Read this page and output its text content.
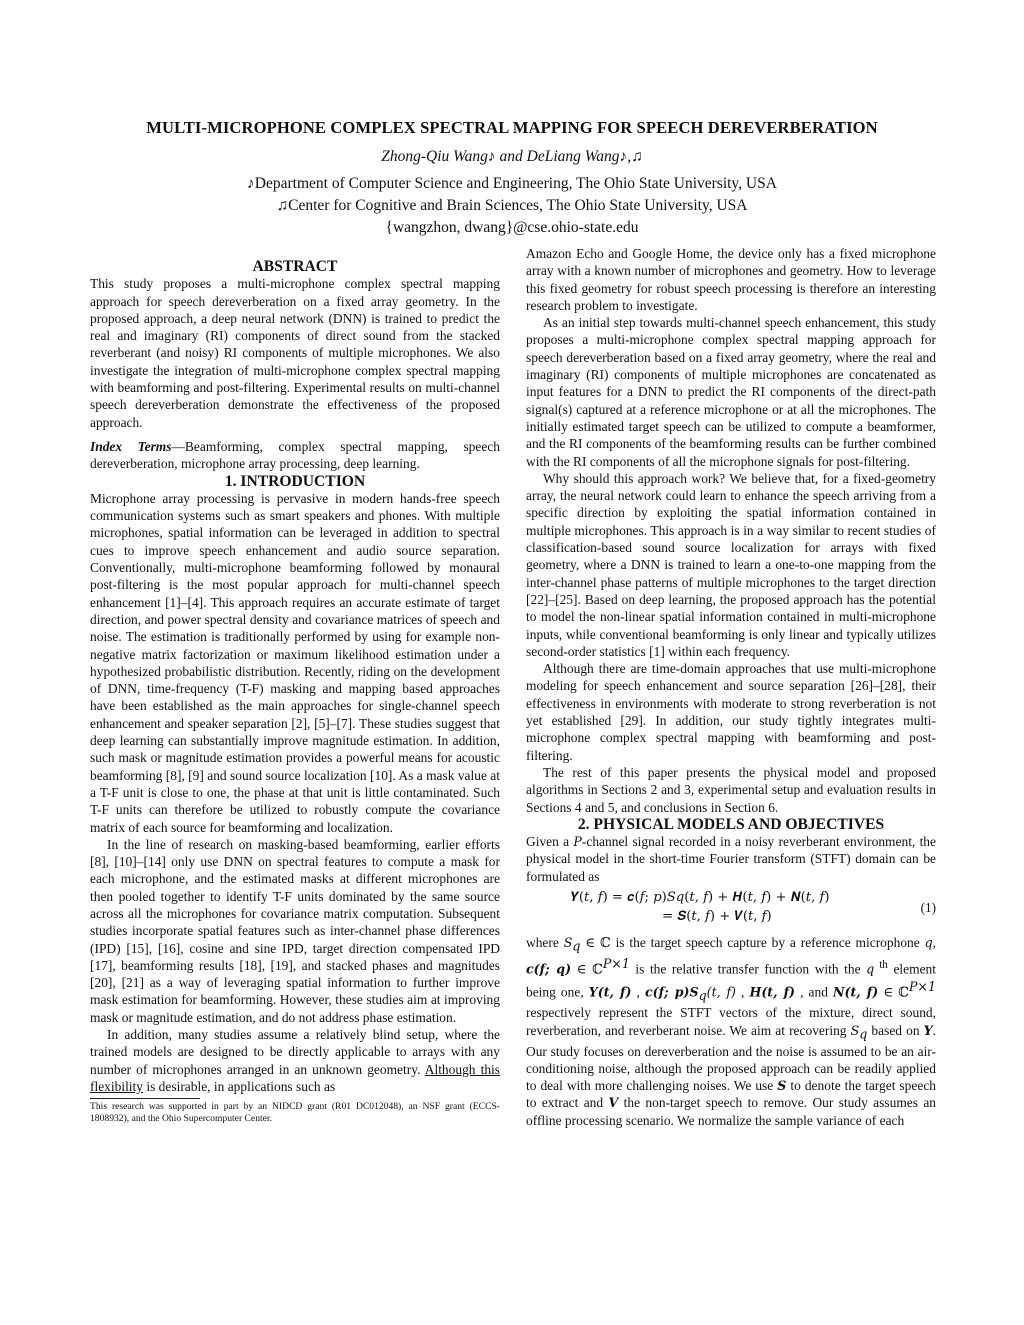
MULTI-MICROPHONE COMPLEX SPECTRAL MAPPING FOR SPEECH DEREVERBERATION
Zhong-Qiu Wang♪ and DeLiang Wang♪,♫
♪Department of Computer Science and Engineering, The Ohio State University, USA
♫Center for Cognitive and Brain Sciences, The Ohio State University, USA
{wangzhon, dwang}@cse.ohio-state.edu

ABSTRACT

This study proposes a multi-microphone complex spectral mapping approach for speech dereverberation on a fixed array geometry. In the proposed approach, a deep neural network (DNN) is trained to predict the real and imaginary (RI) components of direct sound from the stacked reverberant (and noisy) RI components of multiple microphones. We also investigate the integration of multi-microphone complex spectral mapping with beamforming and post-filtering. Experimental results on multi-channel speech dereverberation demonstrate the effectiveness of the proposed approach.

Index Terms—Beamforming, complex spectral mapping, speech dereverberation, microphone array processing, deep learning.

1. INTRODUCTION

Microphone array processing is pervasive in modern hands-free speech communication systems such as smart speakers and phones. With multiple microphones, spatial information can be leveraged in addition to spectral cues to improve speech enhancement and audio source separation. Conventionally, multi-microphone beamforming followed by monaural post-filtering is the most popular approach for multi-channel speech enhancement [1]–[4]. This approach requires an accurate estimate of target direction, and power spectral density and covariance matrices of speech and noise. The estimation is traditionally performed by using for example non-negative matrix factorization or maximum likelihood estimation under a hypothesized probabilistic distribution. Recently, riding on the development of DNN, time-frequency (T-F) masking and mapping based approaches have been established as the main approaches for single-channel speech enhancement and speaker separation [2], [5]–[7]. These studies suggest that deep learning can substantially improve magnitude estimation. In addition, such mask or magnitude estimation provides a powerful means for acoustic beamforming [8], [9] and sound source localization [10]. As a mask value at a T-F unit is close to one, the phase at that unit is little contaminated. Such T-F units can therefore be utilized to robustly compute the covariance matrix of each source for beamforming and localization.

In the line of research on masking-based beamforming, earlier efforts [8], [10]–[14] only use DNN on spectral features to compute a mask for each microphone, and the estimated masks at different microphones are then pooled together to identify T-F units dominated by the same source across all the microphones for covariance matrix computation. Subsequent studies incorporate spatial features such as inter-channel phase differences (IPD) [15], [16], cosine and sine IPD, target direction compensated IPD [17], beamforming results [18], [19], and stacked phases and magnitudes [20], [21] as a way of leveraging spatial information to further improve mask estimation for beamforming. However, these studies aim at improving mask or magnitude estimation, and do not address phase estimation.

In addition, many studies assume a relatively blind setup, where the trained models are designed to be directly applicable to arrays with any number of microphones arranged in an unknown geometry. Although this flexibility is desirable, in applications such as

This research was supported in part by an NIDCD grant (R01 DC012048), an NSF grant (ECCS-1808932), and the Ohio Supercomputer Center.

Amazon Echo and Google Home, the device only has a fixed microphone array with a known number of microphones and geometry. How to leverage this fixed geometry for robust speech processing is therefore an interesting research problem to investigate.

As an initial step towards multi-channel speech enhancement, this study proposes a multi-microphone complex spectral mapping approach for speech dereverberation based on a fixed array geometry, where the real and imaginary (RI) components of multiple microphones are concatenated as input features for a DNN to predict the RI components of the direct-path signal(s) captured at a reference microphone or at all the microphones. The initially estimated target speech can be utilized to compute a beamformer, and the RI components of the beamforming results can be further combined with the RI components of all the microphone signals for post-filtering.

Why should this approach work? We believe that, for a fixed-geometry array, the neural network could learn to enhance the speech arriving from a specific direction by exploiting the spatial information contained in multiple microphones. This approach is in a way similar to recent studies of classification-based sound source localization for arrays with fixed geometry, where a DNN is trained to learn a one-to-one mapping from the inter-channel phase patterns of multiple microphones to the target direction [22]–[25]. Based on deep learning, the proposed approach has the potential to model the non-linear spatial information contained in multi-microphone inputs, while conventional beamforming is only linear and typically utilizes second-order statistics [1] within each frequency.

Although there are time-domain approaches that use multi-microphone modeling for speech enhancement and source separation [26]–[28], their effectiveness in environments with moderate to strong reverberation is not yet established [29]. In addition, our study tightly integrates multi-microphone complex spectral mapping with beamforming and post-filtering.

The rest of this paper presents the physical model and proposed algorithms in Sections 2 and 3, experimental setup and evaluation results in Sections 4 and 5, and conclusions in Section 6.

2. PHYSICAL MODELS AND OBJECTIVES

Given a P-channel signal recorded in a noisy reverberant environment, the physical model in the short-time Fourier transform (STFT) domain can be formulated as

𝒀(𝑡, 𝑓) = 𝒄(𝑓; 𝑝)𝑆𝑞(𝑡, 𝑓) + 𝑯(𝑡, 𝑓) + 𝑵(𝑡, 𝑓)
= 𝑺(𝑡, 𝑓) + 𝑽(𝑡, 𝑓)
(1)

where $S_q$ ∈ ℂ is the target speech capture by a reference microphone q, c(f; q) ∈ ℂ$^{P\times 1}$ is the relative transfer function with the q $^{th}$ element being one, Y(t, f) , c(f; $p)S_q(t$, f) , H(t, f) , and N(t, f) ∈ ℂ$^{P\times 1}$ respectively represent the STFT vectors of the mixture, direct sound, reverberation, and reverberant noise. We aim at recovering $S_q$ based on Y. Our study focuses on dereverberation and the noise is assumed to be an air-conditioning noise, although the proposed approach can be readily applied to deal with more challenging noises. We use S to denote the target speech to extract and V the non-target speech to remove. Our study assumes an offline processing scenario. We normalize the sample variance of each
